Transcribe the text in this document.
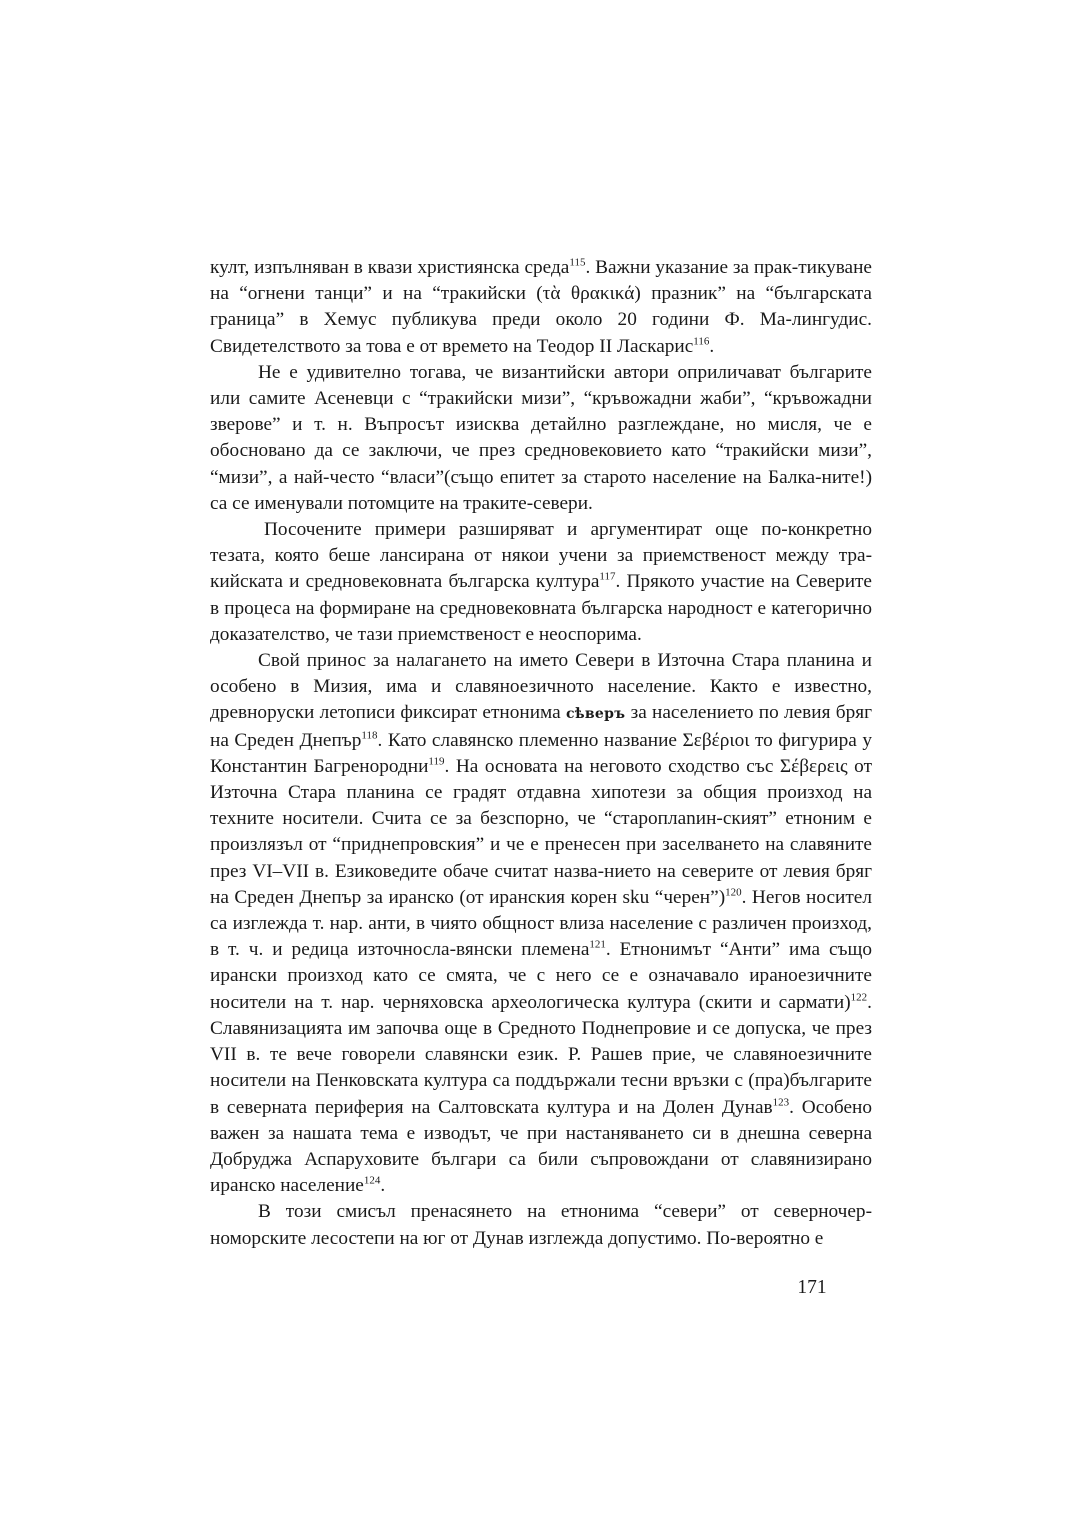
култ, изпълняван в квази християнска среда$^{115}$. Важни указание за прак-тикуване на “огнени танци” и на “тракийски (τὰ θρακικά) празник” на “българската граница” в Хемус публикува преди около 20 години Ф. Ма-лингудис. Свидетелството за това е от времето на Теодор II Ласкарис$^{116}$.

Не е удивително тогава, че византийски автори оприличават българите или самите Асеневци с “тракийски мизи”, “кръвожадни жаби”, “кръвожадни зверове” и т. н. Въпросът изисква детайлно разглеждане, но мисля, че е обосновано да се заключи, че през средновековието като “тракийски мизи”, “мизи”, а най-често “власи”(също епитет за старото население на Балка-ните!) са се именували потомците на траките-севери.

Посочените примери разширяват и аргументират още по-конкретно тезата, която беше лансирана от някои учени за приемственост между тра-кийската и средновековната българска култура$^{117}$. Прякото участие на Северите в процеса на формиране на средновековната българска народност е категорично доказателство, че тази приемственост е неоспорима.

Свой принос за налагането на името Севери в Източна Стара планина и особено в Мизия, има и славяноезичното население. Както е известно, древноруски летописи фиксират етнонима сѣверъ за населението по левия бряг на Среден Днепър$^{118}$. Като славянско племенно название Σεβέριοι то фигурира у Константин Багренородни$^{119}$. На основата на неговото сходство със Σέβερεις от Източна Стара планина се градят отдавна хипотези за общия произход на техните носители. Счита се за безспорно, че “староплanин-ският” етноним е произлязъл от “приднепровския” и че е пренесен при заселването на славяните през VI–VII в. Езиковедите обаче считат назва-нието на северите от левия бряг на Среден Днепър за иранско (от иранския корен sku “черен”)$^{120}$. Негов носител са изглежда т. нар. анти, в чиято общност влиза население с различен произход, в т. ч. и редица източносла-вянски племена$^{121}$. Етнонимът “Анти” има също ирански произход като се смята, че с него се е означавало ираноезичните носители на т. нар. черняховска археологическа култура (скити и сармати)$^{122}$. Славянизацията им започва още в Средното Поднепровие и се допуска, че през VII в. те вече говорели славянски език. Р. Рашев прие, че славяноезичните носители на Пенковската култура са поддържали тесни връзки с (пра)българите в северната периферия на Салтовската култура и на Долен Дунав$^{123}$. Особено важен за нашата тема е изводът, че при настаняването си в днешна северна Добруджа Аспаруховите българи са били съпровождани от славянизирано иранско население$^{124}$.

В този смисъл пренасянето на етнонима “севери” от северночер-номорските лесостепи на юг от Дунав изглежда допустимо. По-вероятно е

171
